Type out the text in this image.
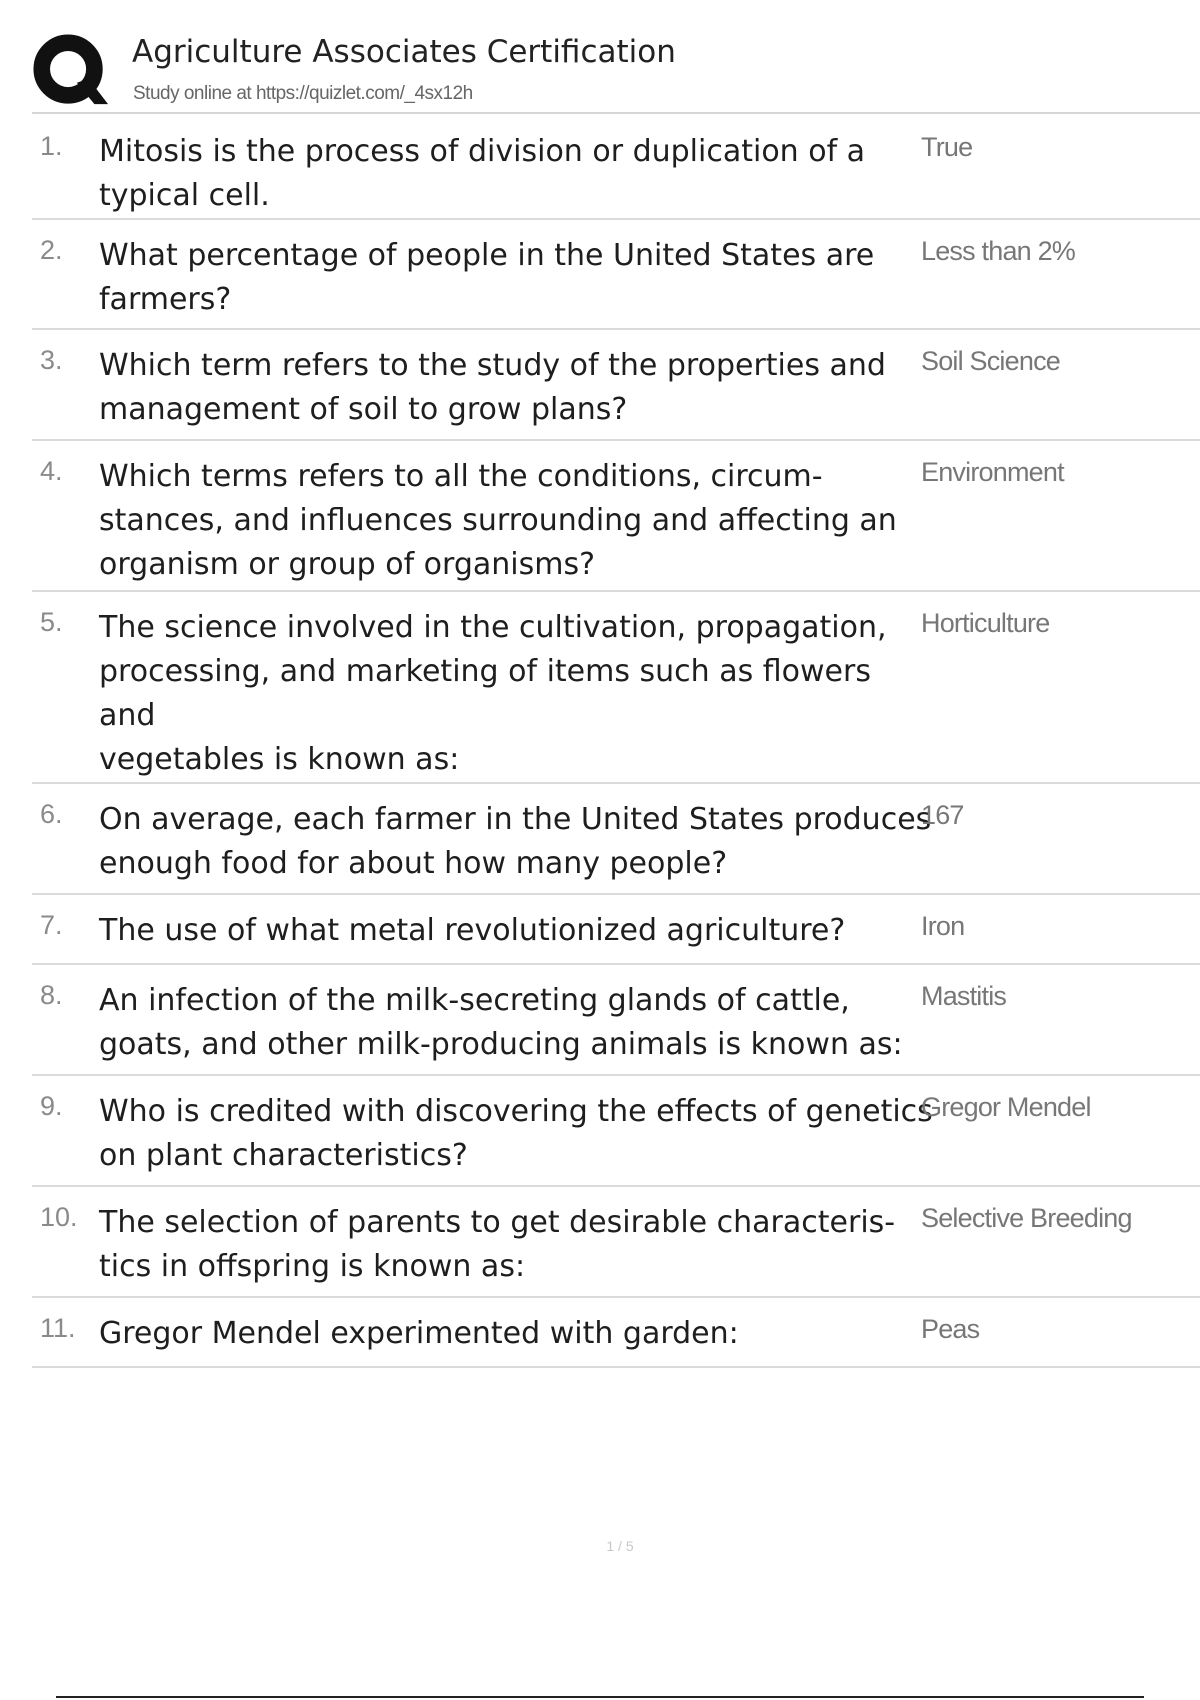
Agriculture Associates Certification
Study online at https://quizlet.com/_4sx12h
1. Mitosis is the process of division or duplication of a
typical cell.
True
2. What percentage of people in the United States are
farmers?
Less than 2%
3. Which term refers to the study of the properties and
management of soil to grow plans?
Soil Science
4. Which terms refers to all the conditions, circum-
stances, and influences surrounding and affecting an
organism or group of organisms?
Environment
5. The science involved in the cultivation, propagation,
processing, and marketing of items such as flowers
and
vegetables is known as:
Horticulture
6. On average, each farmer in the United States produces
enough food for about how many people?
167
7. The use of what metal revolutionized agriculture?	Iron
8. An infection of the milk-secreting glands of cattle,
goats, and other milk-producing animals is known as:
Mastitis
9. Who is credited with discovering the effects of genetics
on plant characteristics?
Gregor Mendel
10. The selection of parents to get desirable characteris-
tics in offspring is known as:
Selective Breeding
11. Gregor Mendel experimented with garden:	Peas
1 / 5
